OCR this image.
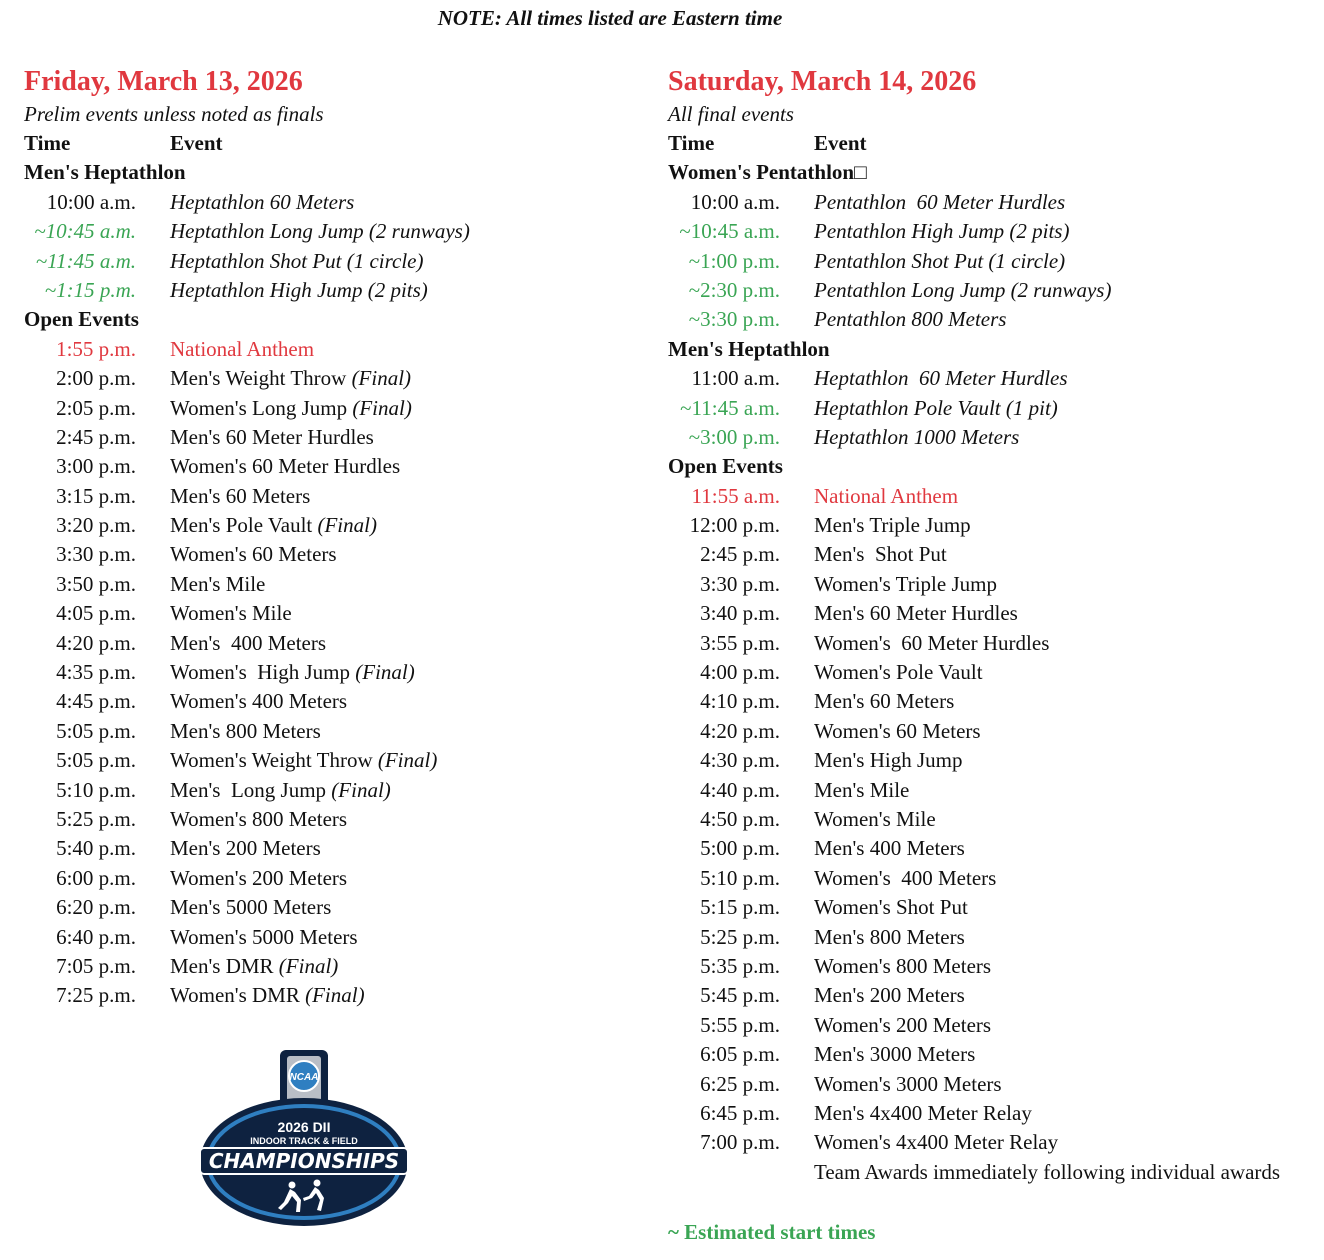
NOTE: All times listed are Eastern time
Friday, March 13, 2026
Prelim events unless noted as finals
Time	Event
Men's Heptathlon
10:00 a.m.	Heptathlon 60 Meters
~10:45 a.m.	Heptathlon Long Jump (2 runways)
~11:45 a.m.	Heptathlon Shot Put (1 circle)
~1:15 p.m.	Heptathlon High Jump (2 pits)
Open Events
1:55 p.m.	National Anthem
2:00 p.m.	Men's Weight Throw (Final)
2:05 p.m.	Women's Long Jump (Final)
2:45 p.m.	Men's 60 Meter Hurdles
3:00 p.m.	Women's 60 Meter Hurdles
3:15 p.m.	Men's 60 Meters
3:20 p.m.	Men's Pole Vault (Final)
3:30 p.m.	Women's 60 Meters
3:50 p.m.	Men's Mile
4:05 p.m.	Women's Mile
4:20 p.m.	Men's  400 Meters
4:35 p.m.	Women's  High Jump (Final)
4:45 p.m.	Women's 400 Meters
5:05 p.m.	Men's 800 Meters
5:05 p.m.	Women's Weight Throw (Final)
5:10 p.m.	Men's  Long Jump (Final)
5:25 p.m.	Women's 800 Meters
5:40 p.m.	Men's 200 Meters
6:00 p.m.	Women's 200 Meters
6:20 p.m.	Men's 5000 Meters
6:40 p.m.	Women's 5000 Meters
7:05 p.m.	Men's DMR (Final)
7:25 p.m.	Women's DMR (Final)
Saturday, March 14, 2026
All final events
Time	Event
Women's Pentathlon□
10:00 a.m.	Pentathlon  60 Meter Hurdles
~10:45 a.m.	Pentathlon High Jump (2 pits)
~1:00 p.m.	Pentathlon Shot Put (1 circle)
~2:30 p.m.	Pentathlon Long Jump (2 runways)
~3:30 p.m.	Pentathlon 800 Meters
Men's Heptathlon
11:00 a.m.	Heptathlon  60 Meter Hurdles
~11:45 a.m.	Heptathlon Pole Vault (1 pit)
~3:00 p.m.	Heptathlon 1000 Meters
Open Events
11:55 a.m.	National Anthem
12:00 p.m.	Men's Triple Jump
2:45 p.m.	Men's  Shot Put
3:30 p.m.	Women's Triple Jump
3:40 p.m.	Men's 60 Meter Hurdles
3:55 p.m.	Women's  60 Meter Hurdles
4:00 p.m.	Women's Pole Vault
4:10 p.m.	Men's 60 Meters
4:20 p.m.	Women's 60 Meters
4:30 p.m.	Men's High Jump
4:40 p.m.	Men's Mile
4:50 p.m.	Women's Mile
5:00 p.m.	Men's 400 Meters
5:10 p.m.	Women's  400 Meters
5:15 p.m.	Women's Shot Put
5:25 p.m.	Men's 800 Meters
5:35 p.m.	Women's 800 Meters
5:45 p.m.	Men's 200 Meters
5:55 p.m.	Women's 200 Meters
6:05 p.m.	Men's 3000 Meters
6:25 p.m.	Women's 3000 Meters
6:45 p.m.	Men's 4x400 Meter Relay
7:00 p.m.	Women's 4x400 Meter Relay
Team Awards immediately following individual awards
~ Estimated start times
NCAA
2026 DII
INDOOR TRACK & FIELD
CHAMPIONSHIPS
